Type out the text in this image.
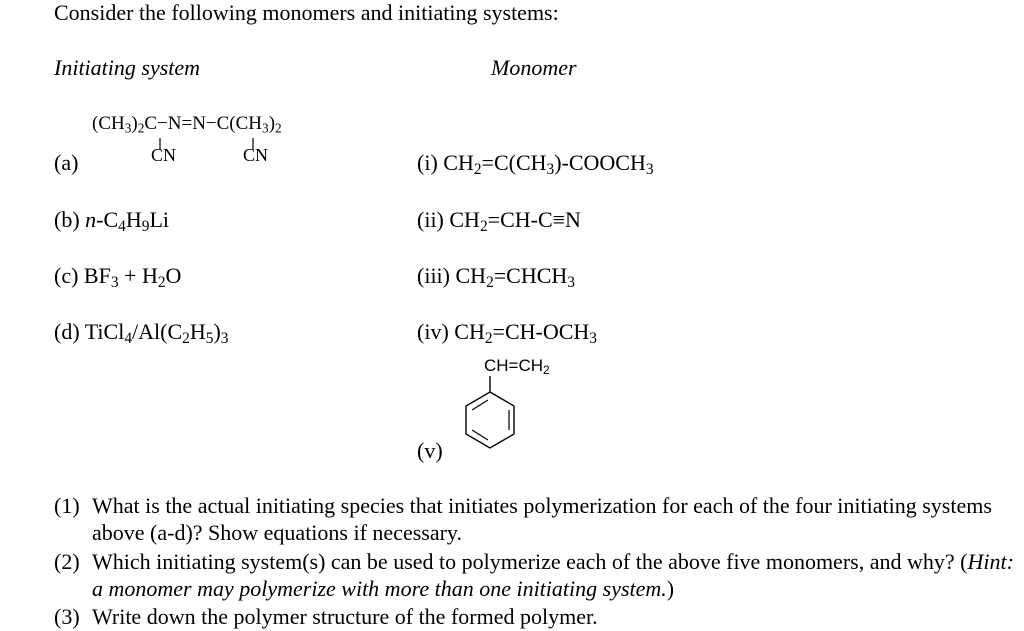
Consider the following monomers and initiating systems:
Initiating system	Monomer
$(CH_3)_2C-N=N-C(CH_3)_2$
CN	CN
(a)	(i) $CH_2=C(CH_3)-COOCH_3$
(b) $n-C_4H_9Li$	(ii) $CH_2=CH-C\equiv N$
(c) $BF_3 + H_2O$	(iii) $CH_2=CHCH_3$
(d) $TiCl_4/Al(C_2H_5)_3$	(iv) $CH_2=CH-OCH_3$
$CH=CH_2$
(v)
(1) What is the actual initiating species that initiates polymerization for each of the four initiating systems above (a-d)? Show equations if necessary.
(2) Which initiating system(s) can be used to polymerize each of the above five monomers, and why? (Hint: a monomer may polymerize with more than one initiating system.)
(3) Write down the polymer structure of the formed polymer.
